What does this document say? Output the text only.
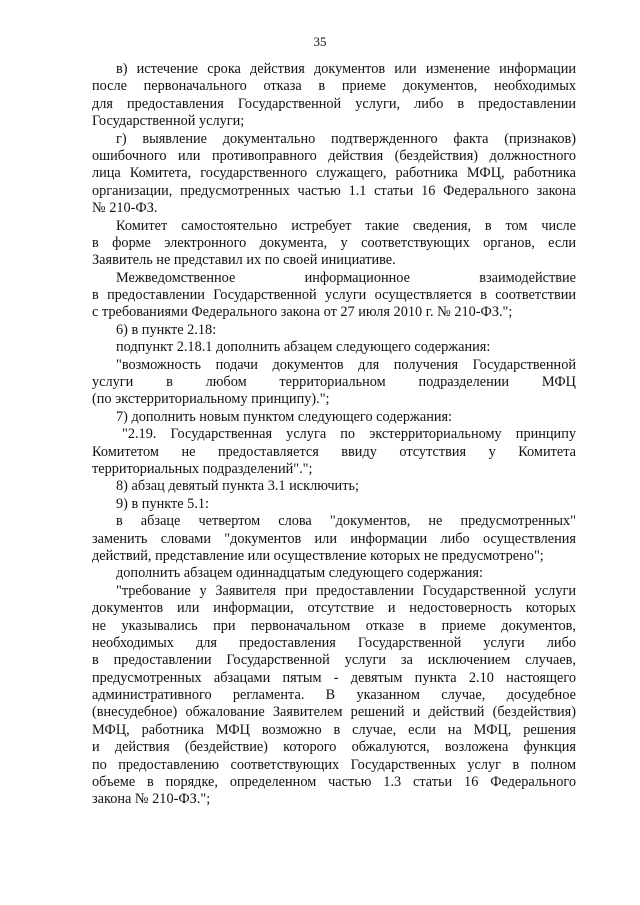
35
в) истечение срока действия документов или изменение информации
после первоначального отказа в приеме документов, необходимых
для предоставления Государственной услуги, либо в предоставлении
Государственной услуги;
г) выявление документально подтвержденного факта (признаков)
ошибочного или противоправного действия (бездействия) должностного
лица Комитета, государственного служащего, работника МФЦ, работника
организации, предусмотренных частью 1.1 статьи 16 Федерального закона
№ 210-ФЗ.
Комитет самостоятельно истребует такие сведения, в том числе
в форме электронного документа, у соответствующих органов, если
Заявитель не представил их по своей инициативе.
Межведомственное информационное взаимодействие
в предоставлении Государственной услуги осуществляется в соответствии
с требованиями Федерального закона от 27 июля 2010 г. № 210-ФЗ.";
6) в пункте 2.18:
подпункт 2.18.1 дополнить абзацем следующего содержания:
"возможность подачи документов для получения Государственной
услуги в любом территориальном подразделении МФЦ
(по экстерриториальному принципу).";
7) дополнить новым пунктом следующего содержания:
"2.19. Государственная услуга по экстерриториальному принципу
Комитетом не предоставляется ввиду отсутствия у Комитета
территориальных подразделений".";
8) абзац девятый пункта 3.1 исключить;
9) в пункте 5.1:
в абзаце четвертом слова "документов, не предусмотренных"
заменить словами "документов или информации либо осуществления
действий, представление или осуществление которых не предусмотрено";
дополнить абзацем одиннадцатым следующего содержания:
"требование у Заявителя при предоставлении Государственной услуги
документов или информации, отсутствие и недостоверность которых
не указывались при первоначальном отказе в приеме документов,
необходимых для предоставления Государственной услуги либо
в предоставлении Государственной услуги за исключением случаев,
предусмотренных абзацами пятым - девятым пункта 2.10 настоящего
административного регламента. В указанном случае, досудебное
(внесудебное) обжалование Заявителем решений и действий (бездействия)
МФЦ, работника МФЦ возможно в случае, если на МФЦ, решения
и действия (бездействие) которого обжалуются, возложена функция
по предоставлению соответствующих Государственных услуг в полном
объеме в порядке, определенном частью 1.3 статьи 16 Федерального
закона № 210-ФЗ.";
